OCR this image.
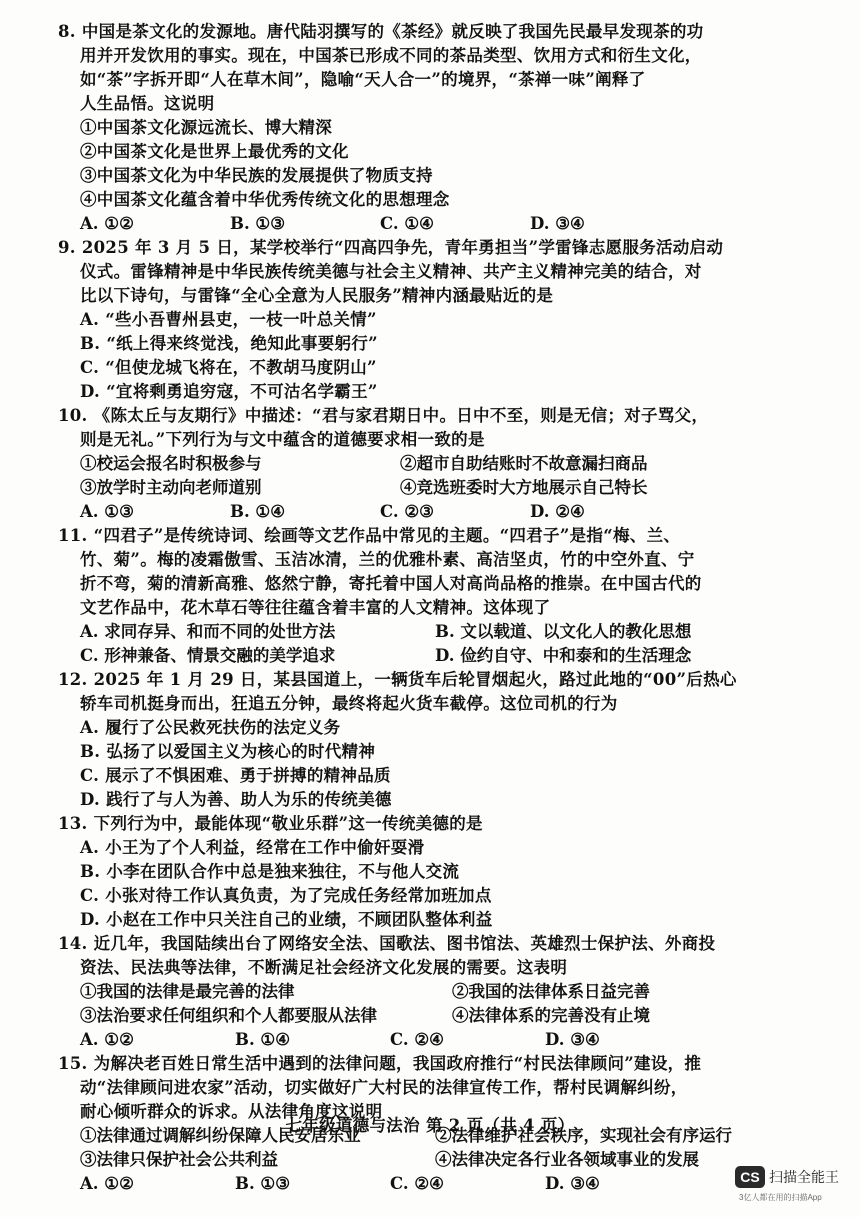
8. 中国是茶文化的发源地。唐代陆羽撰写的《茶经》就反映了我国先民最早发现茶的功
用并开发饮用的事实。现在，中国茶已形成不同的茶品类型、饮用方式和衍生文化，
如“茶”字拆开即“人在草木间”，隐喻“天人合一”的境界，“茶禅一味”阐释了
人生品悟。这说明
①中国茶文化源远流长、博大精深
②中国茶文化是世界上最优秀的文化
③中国茶文化为中华民族的发展提供了物质支持
④中国茶文化蕴含着中华优秀传统文化的思想理念
A. ①②	B. ①③	C. ①④	D. ③④
9. 2025 年 3 月 5 日，某学校举行“四高四争先，青年勇担当”学雷锋志愿服务活动启动
仪式。雷锋精神是中华民族传统美德与社会主义精神、共产主义精神完美的结合，对
比以下诗句，与雷锋“全心全意为人民服务”精神内涵最贴近的是
A. “些小吾曹州县吏，一枝一叶总关情”
B. “纸上得来终觉浅，绝知此事要躬行”
C. “但使龙城飞将在，不教胡马度阴山”
D. “宜将剩勇追穷寇，不可沽名学霸王”
10. 《陈太丘与友期行》中描述：“君与家君期日中。日中不至，则是无信；对子骂父，
则是无礼。”下列行为与文中蕴含的道德要求相一致的是
①校运会报名时积极参与	②超市自助结账时不故意漏扫商品
③放学时主动向老师道别	④竞选班委时大方地展示自己特长
A. ①③	B. ①④	C. ②③	D. ②④
11. “四君子”是传统诗词、绘画等文艺作品中常见的主题。“四君子”是指“梅、兰、
竹、菊”。梅的凌霜傲雪、玉洁冰清，兰的优雅朴素、高洁坚贞，竹的中空外直、宁
折不弯，菊的清新高雅、悠然宁静，寄托着中国人对高尚品格的推崇。在中国古代的
文艺作品中，花木草石等往往蕴含着丰富的人文精神。这体现了
A. 求同存异、和而不同的处世方法	B. 文以载道、以文化人的教化思想
C. 形神兼备、情景交融的美学追求	D. 俭约自守、中和泰和的生活理念
12. 2025 年 1 月 29 日，某县国道上，一辆货车后轮冒烟起火，路过此地的“00”后热心
轿车司机挺身而出，狂追五分钟，最终将起火货车截停。这位司机的行为
A. 履行了公民救死扶伤的法定义务
B. 弘扬了以爱国主义为核心的时代精神
C. 展示了不惧困难、勇于拼搏的精神品质
D. 践行了与人为善、助人为乐的传统美德
13. 下列行为中，最能体现“敬业乐群”这一传统美德的是
A. 小王为了个人利益，经常在工作中偷奸耍滑
B. 小李在团队合作中总是独来独往，不与他人交流
C. 小张对待工作认真负责，为了完成任务经常加班加点
D. 小赵在工作中只关注自己的业绩，不顾团队整体利益
14. 近几年，我国陆续出台了网络安全法、国歌法、图书馆法、英雄烈士保护法、外商投
资法、民法典等法律，不断满足社会经济文化发展的需要。这表明
①我国的法律是最完善的法律	②我国的法律体系日益完善
③法治要求任何组织和个人都要服从法律	④法律体系的完善没有止境
A. ①②	B. ①④	C. ②④	D. ③④
15. 为解决老百姓日常生活中遇到的法律问题，我国政府推行“村民法律顾问”建设，推
动“法律顾问进农家”活动，切实做好广大村民的法律宣传工作，帮村民调解纠纷，
耐心倾听群众的诉求。从法律角度这说明
①法律通过调解纠纷保障人民安居乐业	②法律维护社会秩序，实现社会有序运行
③法律只保护社会公共利益	④法律决定各行业各领域事业的发展
A. ①②	B. ①③	C. ②④	D. ③④
七年级道德与法治 第 2 页（共 4 页）
CS 扫描全能王
3亿人都在用的扫描App
